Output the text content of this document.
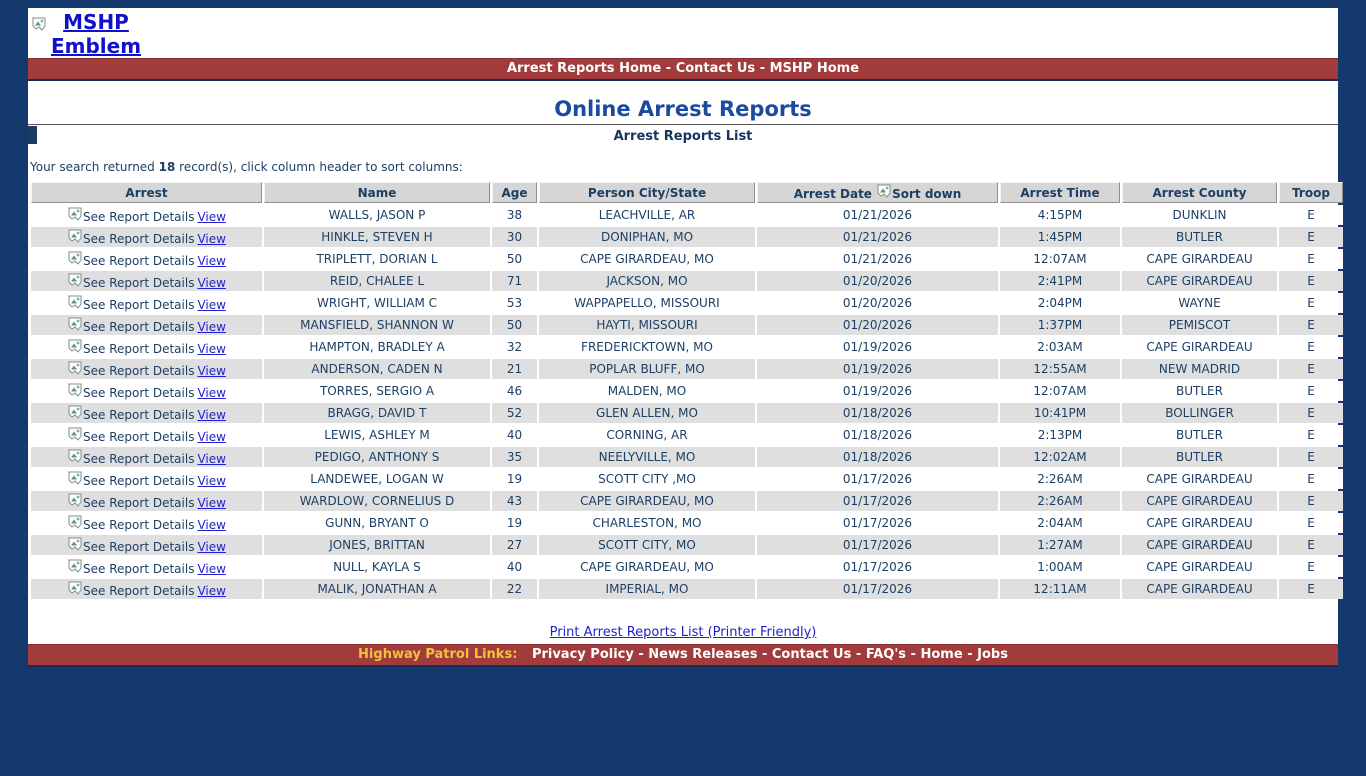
MSHP Emblem
Arrest Reports Home - Contact Us - MSHP Home
Online Arrest Reports
Arrest Reports List
Your search returned 18 record(s), click column header to sort columns:
Arrest	Name	Age	Person City/State	Arrest Date Sort down	Arrest Time	Arrest County	Troop
See Report Details View	WALLS, JASON P	38	LEACHVILLE, AR	01/21/2026	4:15PM	DUNKLIN	E
See Report Details View	HINKLE, STEVEN H	30	DONIPHAN, MO	01/21/2026	1:45PM	BUTLER	E
See Report Details View	TRIPLETT, DORIAN L	50	CAPE GIRARDEAU, MO	01/21/2026	12:07AM	CAPE GIRARDEAU	E
See Report Details View	REID, CHALEE L	71	JACKSON, MO	01/20/2026	2:41PM	CAPE GIRARDEAU	E
See Report Details View	WRIGHT, WILLIAM C	53	WAPPAPELLO, MISSOURI	01/20/2026	2:04PM	WAYNE	E
See Report Details View	MANSFIELD, SHANNON W	50	HAYTI, MISSOURI	01/20/2026	1:37PM	PEMISCOT	E
See Report Details View	HAMPTON, BRADLEY A	32	FREDERICKTOWN, MO	01/19/2026	2:03AM	CAPE GIRARDEAU	E
See Report Details View	ANDERSON, CADEN N	21	POPLAR BLUFF, MO	01/19/2026	12:55AM	NEW MADRID	E
See Report Details View	TORRES, SERGIO A	46	MALDEN, MO	01/19/2026	12:07AM	BUTLER	E
See Report Details View	BRAGG, DAVID T	52	GLEN ALLEN, MO	01/18/2026	10:41PM	BOLLINGER	E
See Report Details View	LEWIS, ASHLEY M	40	CORNING, AR	01/18/2026	2:13PM	BUTLER	E
See Report Details View	PEDIGO, ANTHONY S	35	NEELYVILLE, MO	01/18/2026	12:02AM	BUTLER	E
See Report Details View	LANDEWEE, LOGAN W	19	SCOTT CITY ,MO	01/17/2026	2:26AM	CAPE GIRARDEAU	E
See Report Details View	WARDLOW, CORNELIUS D	43	CAPE GIRARDEAU, MO	01/17/2026	2:26AM	CAPE GIRARDEAU	E
See Report Details View	GUNN, BRYANT O	19	CHARLESTON, MO	01/17/2026	2:04AM	CAPE GIRARDEAU	E
See Report Details View	JONES, BRITTAN	27	SCOTT CITY, MO	01/17/2026	1:27AM	CAPE GIRARDEAU	E
See Report Details View	NULL, KAYLA S	40	CAPE GIRARDEAU, MO	01/17/2026	1:00AM	CAPE GIRARDEAU	E
See Report Details View	MALIK, JONATHAN A	22	IMPERIAL, MO	01/17/2026	12:11AM	CAPE GIRARDEAU	E
Print Arrest Reports List (Printer Friendly)
Highway Patrol Links: Privacy Policy - News Releases - Contact Us - FAQ's - Home - Jobs
